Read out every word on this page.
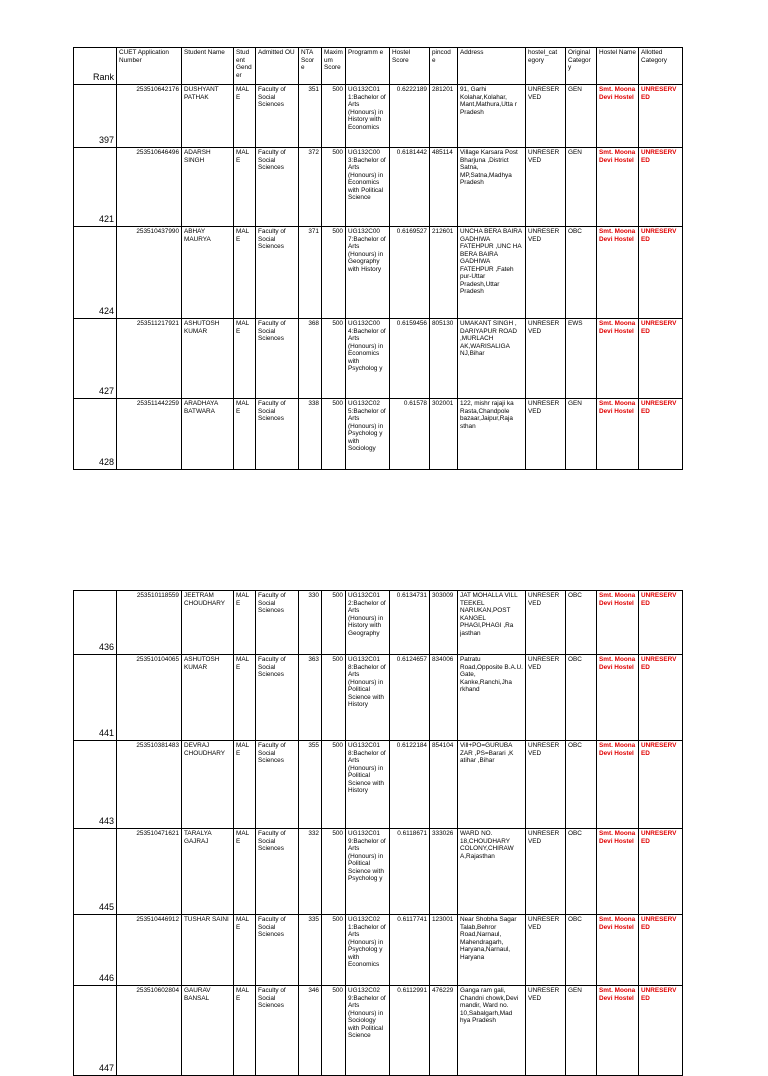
Rank	CUET Application Number	Student Name	Stud ent Gend er	Admitted OU	NTA Scor e	Maxim um Score	Programm e	Hostel Score	pincod e	Address	hostel_cat egory	Original Categor y	Hostel Name	Allotted Category
397	253510642176	DUSHYANT PATHAK	MAL E	Faculty of Social Sciences	351	500	UG132C01 1:Bachelor of Arts (Honours) in History with Economics	0.6222189	281201	91, Garhi Kolahar,Kolahar, Mant,Mathura,Utta r Pradesh	UNRESER VED	GEN	Smt. Moona Devi Hostel	UNRESERV ED

421	253510646496	ADARSH SINGH	MAL E	Faculty of Social Sciences	372	500	UG132C00 3:Bachelor of Arts (Honours) in Economics with Political Science	0.6181442	485114	Village Karsara Post Bharjuna ,District Satna, MP,Satna,Madhya Pradesh	UNRESER VED	GEN	Smt. Moona Devi Hostel	UNRESERV ED

424	253510437990	ABHAY MAURYA	MAL E	Faculty of Social Sciences	371	500	UG132C00 7:Bachelor of Arts (Honours) in Geography with History	0.6169527	212601	UNCHA BERA BAIRA GADHIWA FATEHPUR ,UNC HA BERA BAIRA GADHIWA FATEHPUR ,Fateh pur-Uttar Pradesh,Uttar Pradesh	UNRESER VED	OBC	Smt. Moona Devi Hostel	UNRESERV ED

427	253511217921	ASHUTOSH KUMAR	MAL E	Faculty of Social Sciences	368	500	UG132C00 4:Bachelor of Arts (Honours) in Economics with Psycholog y	0.6159456	805130	UMAKANT SINGH , DARIYAPUR ROAD ,MURLACH AK,WARISALIGA NJ,Bihar	UNRESER VED	EWS	Smt. Moona Devi Hostel	UNRESERV ED

428	253511442259	ARADHAYA BATWARA	MAL E	Faculty of Social Sciences	338	500	UG132C02 5:Bachelor of Arts (Honours) in Psycholog y with Sociology	0.61578	302001	122, mishr rajaji ka Rasta,Chandpole bazaar,Jaipur,Raja sthan	UNRESER VED	GEN	Smt. Moona Devi Hostel	UNRESERV ED
436	253510118559	JEETRAM CHOUDHARY	MAL E	Faculty of Social Sciences	330	500	UG132C01 2:Bachelor of Arts (Honours) in History with Geography	0.6134731	303009	JAT MOHALLA VILL TEEKEL NARUKAN,POST KANGEL PHAGI,PHAGI ,Ra jasthan	UNRESER VED	OBC	Smt. Moona Devi Hostel	UNRESERV ED

441	253510104065	ASHUTOSH KUMAR	MAL E	Faculty of Social Sciences	363	500	UG132C01 8:Bachelor of Arts (Honours) in Political Science with History	0.6124657	834006	Patratu Road,Opposite B.A.U. Gate, Kanke,Ranchi,Jha rkhand	UNRESER VED	OBC	Smt. Moona Devi Hostel	UNRESERV ED

443	253510381483	DEVRAJ CHOUDHARY	MAL E	Faculty of Social Sciences	355	500	UG132C01 8:Bachelor of Arts (Honours) in Political Science with History	0.6122184	854104	Vill+PO=GURUBA ZAR ,PS=Barari ,K atihar ,Bihar	UNRESER VED	OBC	Smt. Moona Devi Hostel	UNRESERV ED

445	253510471621	TARALYA GAJRAJ	MAL E	Faculty of Social Sciences	332	500	UG132C01 9:Bachelor of Arts (Honours) in Political Science with Psycholog y	0.6118671	333026	WARD NO. 18,CHOUDHARY COLONY,CHIRAW A,Rajasthan	UNRESER VED	OBC	Smt. Moona Devi Hostel	UNRESERV ED

446	253510446912	TUSHAR SAINI	MAL E	Faculty of Social Sciences	335	500	UG132C02 1:Bachelor of Arts (Honours) in Psycholog y with Economics	0.6117741	123001	Near Shobha Sagar Talab,Behror Road,Narnaul, Mahendragarh, Haryana,Narnaul, Haryana	UNRESER VED	OBC	Smt. Moona Devi Hostel	UNRESERV ED

447	253510602804	GAURAV BANSAL	MAL E	Faculty of Social Sciences	346	500	UG132C02 9:Bachelor of Arts (Honours) in Sociology with Political Science	0.6112991	476229	Ganga ram gali, Chandni chowk,Devi mandir, Ward no. 10,Sabalgarh,Mad hya Pradesh	UNRESER VED	GEN	Smt. Moona Devi Hostel	UNRESERV ED
